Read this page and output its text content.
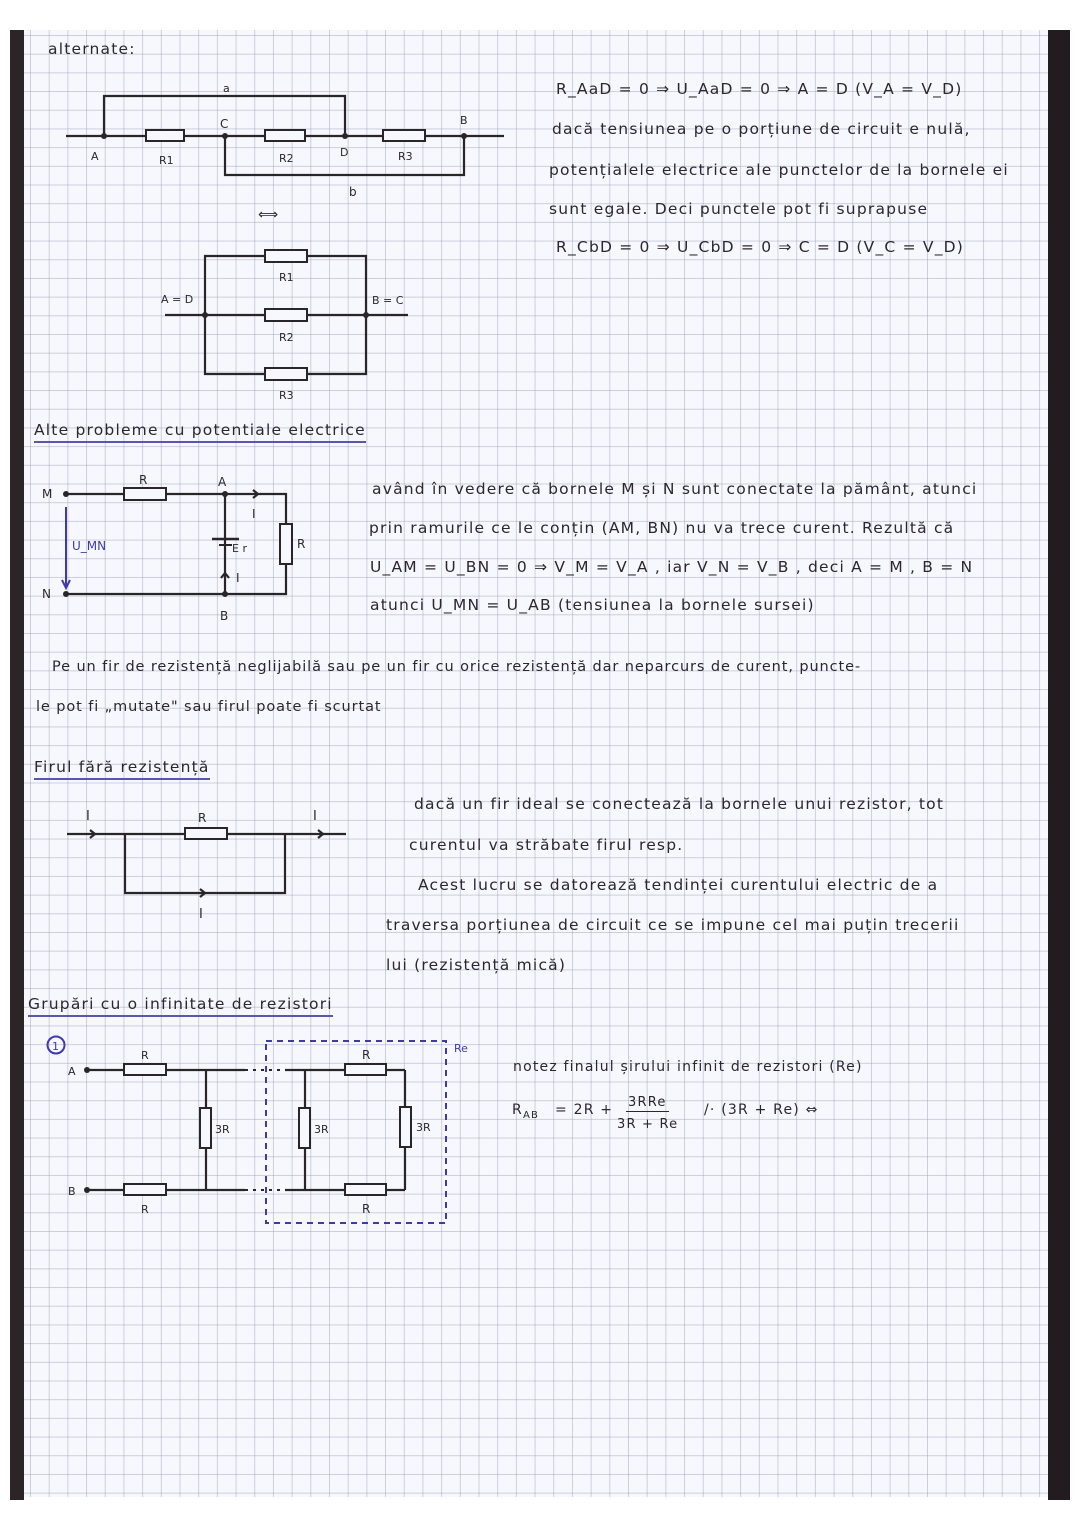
alternate:
a
C	B
A	D
R1	R2	R3
b
⟺
A = D	B = C
R1
R2
R3
R_AaD = 0 ⇒ U_AaD = 0 ⇒ A = D (V_A = V_D)
dacă tensiunea pe o porțiune de circuit e nulă,
potențialele electrice ale punctelor de la bornele ei
sunt egale. Deci punctele pot fi suprapuse
R_CbD = 0 ⇒ U_CbD = 0 ⇒ C = D (V_C = V_D)
Alte probleme cu potentiale electrice
M
A
N
B
R
R
E r
I
I
U_MN
având în vedere că bornele M și N sunt conectate la pământ, atunci
prin ramurile ce le conțin (AM, BN) nu va trece curent. Rezultă că
U_AM = U_BN = 0 ⇒ V_M = V_A , iar V_N = V_B , deci A = M , B = N
atunci U_MN = U_AB (tensiunea la bornele sursei)
Pe un fir de rezistență neglijabilă sau pe un fir cu orice rezistență dar neparcurs de curent, puncte-
le pot fi „mutate" sau firul poate fi scurtat
Firul fără rezistență
I	R	I
I
dacă un fir ideal se conectează la bornele unui rezistor, tot
curentul va străbate firul resp.
Acest lucru se datorează tendinței curentului electric de a
traversa porțiunea de circuit ce se impune cel mai puțin trecerii
lui (rezistență mică)
Grupări cu o infinitate de rezistori
1	Re
A
B
R
R
R
R
3R	3R	3R
notez finalul șirului infinit de rezistori (Re)
$R_{AB} = 2R + 3RRe$
3R + Re
/· (3R + Re) ⇔
